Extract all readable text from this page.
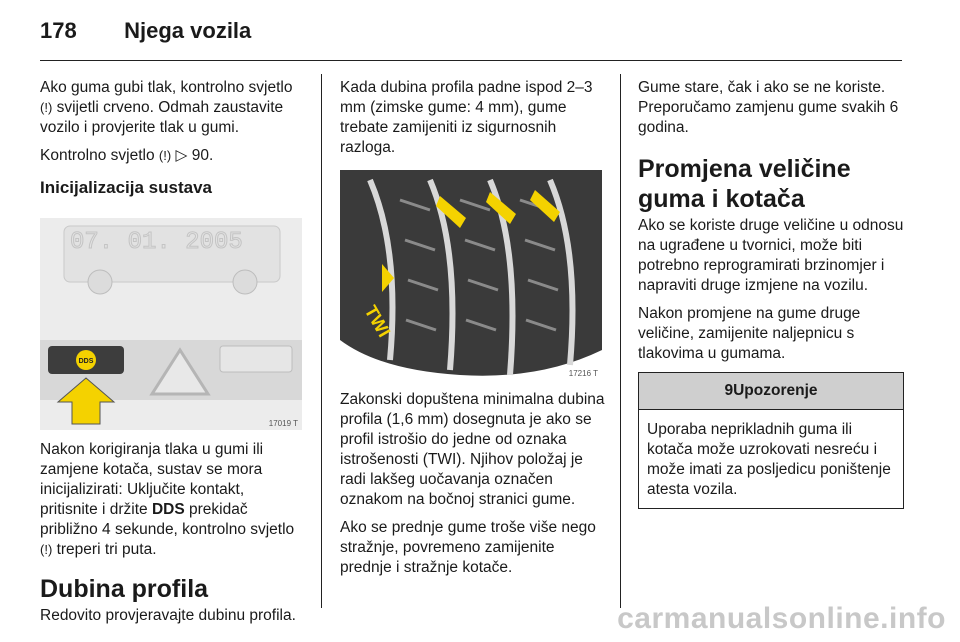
178 Njega vozila

Ako guma gubi tlak, kontrolno svjetlo (!) svijetli crveno. Odmah zaustavite vozilo i provjerite tlak u gumi.

Kontrolno svjetlo (!) ▷ 90.

Inicijalizacija sustava
07. 01. 2005
DDS
17019 T

Nakon korigiranja tlaka u gumi ili zamjene kotača, sustav se mora inicijalizirati: Uključite kontakt, pritisnite i držite DDS prekidač približno 4 sekunde, kontrolno svjetlo (!) treperi tri puta.

Dubina profila

Redovito provjeravajte dubinu profila.

Kada dubina profila padne ispod 2–3 mm (zimske gume: 4 mm), gume trebate zamijeniti iz sigurnosnih razloga.

TWI
17216 T

Zakonski dopuštena minimalna dubina profila (1,6 mm) dosegnuta je ako se profil istrošio do jedne od oznaka istrošenosti (TWI). Njihov položaj je radi lakšeg uočavanja označen oznakom na bočnoj stranici gume.

Ako se prednje gume troše više nego stražnje, povremeno zamijenite prednje i stražnje kotače.

Gume stare, čak i ako se ne koriste. Preporučamo zamjenu gume svakih 6 godina.

Promjena veličine guma i kotača

Ako se koriste druge veličine u odnosu na ugrađene u tvornici, može biti potrebno reprogramirati brzinomjer i napraviti druge izmjene na vozilu.

Nakon promjene na gume druge veličine, zamijenite naljepnicu s tlakovima u gumama.

9Upozorenje
Uporaba neprikladnih guma ili kotača može uzrokovati nesreću i može imati za posljedicu poništenje atesta vozila.
carmanualsonline.info
